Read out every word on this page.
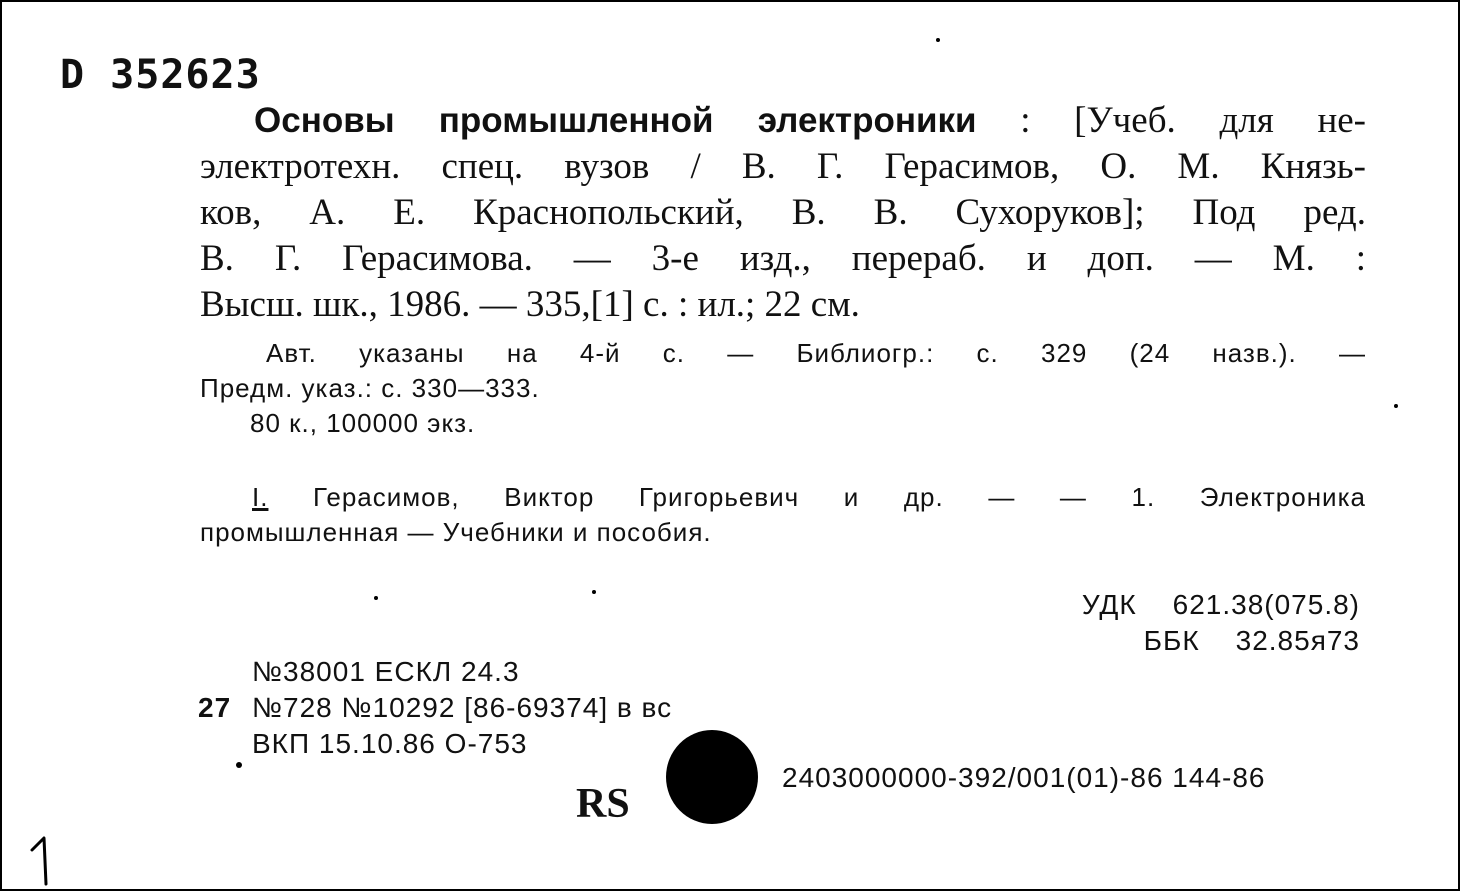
D 352623
Основы промышленной электроники : [Учеб. для не-
электротехн. спец. вузов / В. Г. Герасимов, О. М. Князь-
ков, А. Е. Краснопольский, В. В. Сухоруков]; Под ред.
В. Г. Герасимова. — 3-е изд., перераб. и доп. — М. :
Высш. шк., 1986. — 335,[1] с. : ил.; 22 см.
Авт. указаны на 4-й с. — Библиогр.: с. 329 (24 назв.). —
Предм. указ.: с. 330—333.
80 к., 100000 экз.
I. Герасимов, Виктор Григорьевич и др. — — 1. Электроника
промышленная — Учебники и пособия.
УДК 621.38(075.8)
ББК 32.85я73
№38001 ЕСКЛ 24.3
27 №728 №10292 [86-69374] в вс
ВКП 15.10.86 О-753
RS
2403000000-392/001(01)-86 144-86
